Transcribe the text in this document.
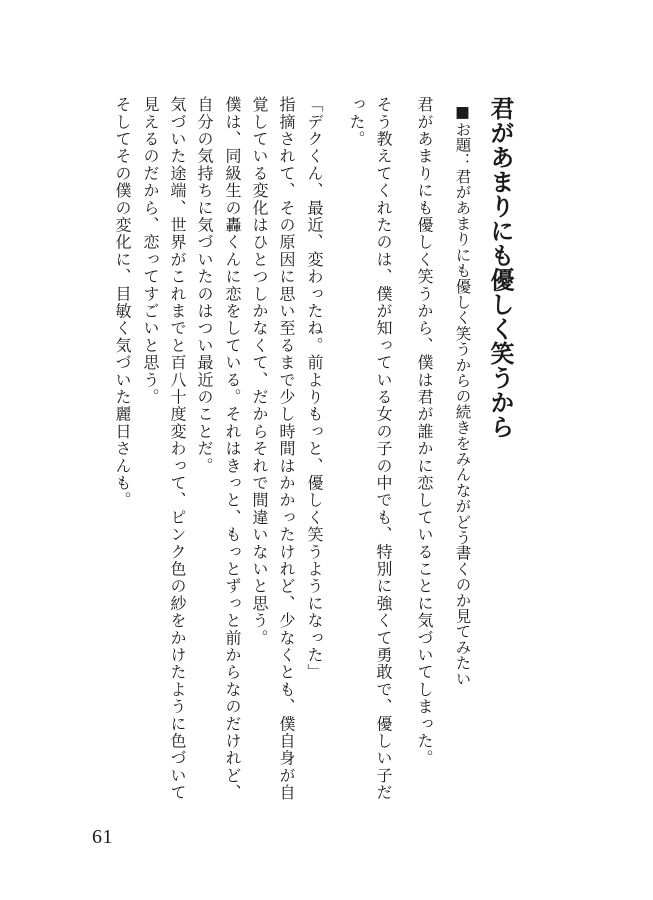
君があまりにも優しく笑うから
■お題：君があまりにも優しく笑うからの続きをみんながどう書くのか見てみたい
君があまりにも優しく笑うから、僕は君が誰かに恋していることに気づいてしまった。
そう教えてくれたのは、僕が知っている女の子の中でも、特別に強くて勇敢で、優しい子だ
った。
「デクくん、最近、変わったね。前よりもっと、優しく笑うようになった」
指摘されて、その原因に思い至るまで少し時間はかかったけれど、少なくとも、僕自身が自
覚している変化はひとつしかなくて、だからそれで間違いないと思う。
僕は、同級生の轟くんに恋をしている。それはきっと、もっとずっと前からなのだけれど、
自分の気持ちに気づいたのはつい最近のことだ。
気づいた途端、世界がこれまでと百八十度変わって、ピンク色の紗をかけたように色づいて
見えるのだから、恋ってすごいと思う。
そしてその僕の変化に、目敏く気づいた麗日さんも。
61
